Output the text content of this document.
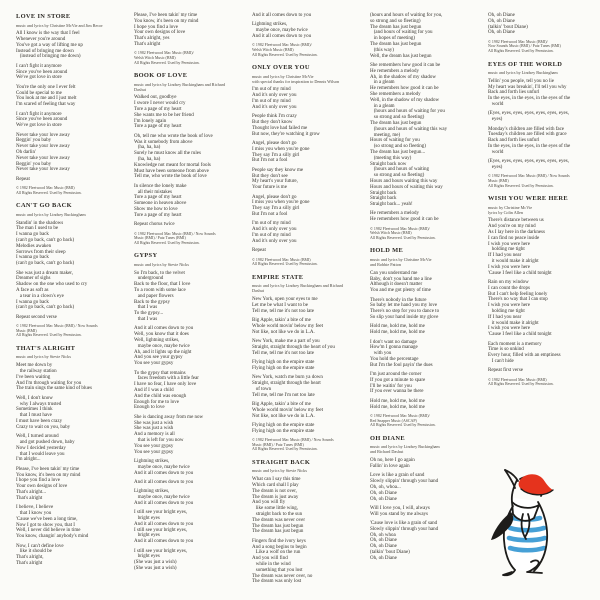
LOVE IN STORE
music and lyrics by Christine McVie and Jim Recor
All I know is the way that I feel
Whenever you're around
You've got a way of lifting me up
Instead of bringing me down
(instead of bringing me down)
I can't fight it anymore
Since you've been around
We've got love in store
You're the only one I ever felt
Could be special to me
You look at me and I just melt
I'm scared of feeling that way
I can't fight it anymore
Since you've been around
We've got love in store
Never take your love away
Beggin' you baby
Never take your love away
Oh darlin'
Never take your love away
Beggin' you baby
Never take your love away
Repeat
© 1982 Fleetwood Mac Music (BMI)
All Rights Reserved. Used by Permission.
CAN'T GO BACK
music and lyrics by Lindsey Buckingham
Standin' in the shadows
The man I used to be
I wanna go back
(can't go back, can't go back)
Melodies awaken
Sorrows from their sleep
I wanna go back
(can't go back, can't go back)
She was just a dream maker,
Dreamer of sighs
Shadow on the one who used to cry
A face as soft as
a tear in a clown's eye
I wanna go back
(can't go back, can't go back)
Repeat second verse
© 1982 Fleetwood Mac Music (BMI) / Now Sounds
Music (BMI)
All Rights Reserved. Used by Permission.
THAT'S ALRIGHT
music and lyrics by Stevie Nicks
Meet me down by
the railway station
I've been waiting
And I'm through waiting for you
The train sings the same kind of blues
Well, I don't know
why I always trusted
Sometimes I think
that I must have
I must have been crazy
Crazy to wait on you, baby
Well, I turned around
and got pushed down, baby
Now I decided yesterday
that I would leave you
I'm alright...
Please, I've been takin' my time
You know, it's been on my mind
I hope you find a love
Your own designs of love
That's alright...
That's alright
I believe, I believe
that I know you
'Cause we've been a long time,
Now I got to show you, that I
Well, I never did believe in time
You know, changin' anybody's mind
Now, I can't define love
like it should be
That's alright,
That's alright
Please, I've been takin' my time
You know, it's been on my mind
I hope you find a love
Your own designs of love
That's alright, yes
That's alright
© 1982 Fleetwood Mac Music (BMI)/
Welsh Witch Music (BMI)
All Rights Reserved. Used by Permission.
BOOK OF LOVE
music and lyrics by Lindsey Buckingham and Richard
Dashut
Walked out, goodbye
I swore I never would cry
Tore a page of my heart
She wants me to be her friend
I'm lonely again
Tore a page of my heart
Oh, tell me who wrote the book of love
Was it somebody from above
(ha, ha, ha)
Surely he must know all the rules
(ha, ha, ha)
Knowledge not meant for mortal fools
Must have been someone from above
Tell me, who wrote the book of love
In silence the lonely make
all their mistakes
Tore a page of my heart
Someone in heaven above
Show me how to love
Tore a page of my heart
Repeat chorus twice
© 1982 Fleetwood Mac Music (BMI) / Now Sounds
Music (BMI) / Putz Tunes (BMI)
All Rights Reserved. Used by Permission.
GYPSY
music and lyrics by Stevie Nicks
So I'm back, to the velvet
underground
Back to the floor, that I love
To a room with some lace
and paper flowers
Back to the gypsy
that I was
To the gypsy...
that I was
And it all comes down to you
Well, you know that it does
Well, lightning strikes,
maybe once, maybe twice
Ah, and it lights up the night
And you see your gypsy
You see your gypsy
To the gypsy that remains
faces freedom with a little fear
I have no fear, I have only love
And if I was a child
And the child was enough
Enough for me to love
Enough to love
She is dancing away from me now
She was just a wish
She was just a wish
And a memory is all
that is left for you now
You see your gypsy
You see your gypsy
Lightning strikes,
maybe once, maybe twice
And it all comes down to you
And it all comes down to you
Lightning strikes,
maybe once, maybe twice
And it all comes down to you
I still see your bright eyes,
bright eyes
And it all comes down to you
I still see your bright eyes,
bright eyes
And it all comes down to you
I still see your bright eyes,
bright eyes
(She was just a wish)
(She was just a wish)
And it all comes down to you
Lightning strikes,
maybe once, maybe twice
And it all comes down to you
© 1982 Fleetwood Mac Music (BMI)/
Welsh Witch Music (BMI)
All Rights Reserved. Used by Permission.
ONLY OVER YOU
music and lyrics by Christine McVie
with special thanks for inspiration to Dennis Wilson
I'm out of my mind
And it's only over you
I'm out of my mind
And it's only over you
People think I'm crazy
But they don't know
Thought love had failed me
But now, they're watching it grow
Angel, please don't go
I miss you when you're gone
They say I'm a silly girl
But I'm not a fool
People say they know me
But they don't see
My heart's your future,
Your future is me
Angel, please don't go
I miss you when you're gone
They say I'm a silly girl
But I'm not a fool
I'm out of my mind
And it's only over you
I'm out of my mind
And it's only over you
Repeat
© 1982 Fleetwood Mac Music (BMI)
All Rights Reserved. Used by Permission.
EMPIRE STATE
music and lyrics by Lindsey Buckingham and Richard
Dashut
New York, open your eyes to me
Let me be what I want to be
Tell me, tell me it's not too late
Big Apple, takin' a bite of me
Whole world movin' below my feet
Not like, not like we do in L.A.
New York, make me a part of you
Straight, straight through the heart of you
Tell me, tell me it's not too late
Flying high on the empire state
Flying high on the empire state
New York, watch me burn ya down
Straight, straight through the heart
of town
Tell me, tell me I'm not too late
Big Apple, takin' a bite of me
Whole world movin' below my feet
Not like, not like we do in L.A.
Flying high on the empire state
Flying high on the empire state
© 1982 Fleetwood Mac Music (BMI) / Now Sounds
Music (BMI) / Putz Tunes (BMI)
All Rights Reserved. Used by Permission.
STRAIGHT BACK
music and lyrics by Stevie Nicks
What can I say this time
Which card shall I play
The dream is not over,
The dream is just away
And you will fly
like some little wing,
straight back to the sun
The dream was never over
The dream has just begun
The dream has just begun
Fingers find the ivory keys
And a song begins to begin
Like a wolf on the run
And you will find
while in the wind
something that you lost
The dream was never over, no
The dream was only lost
(hours and hours of waiting for you,
so strong and so fleeting)
The dream has just begun
(and hours of waiting for you
in hopes of meeting)
The dream has just begun
(this way)
Well, the dream has just begun
She remembers how good it can be
He remembers a melody
Ah, in the shadow of my shadow
in a gleam
He remembers how good it can be
She remembers a melody
Well, in the shadow of my shadow
in a gleam
(hours and hours of waiting for you
so strong and so fleeting)
The dream has just begun
(hours and hours of waiting this way
meeting, me)
Hours of waiting for you
(so strong and so fleeting)
The dream has just begun...
(meeting this way)
Straight back now
(hours and hours of waiting
so strong and so fleeting)
Hours and hours waiting this way
Hours and hours of waiting this way
Straight back
Straight back
Straight back... yeah!
He remembers a melody
He remembers how good it can be
© 1982 Fleetwood Mac Music (BMI)/
Welsh Witch Music (BMI)
All Rights Reserved. Used by Permission.
HOLD ME
music and lyrics by Christine McVie
and Robbie Patton
Can you understand me
Baby, don't you hand me a line
Although it doesn't matter
You and me got plenty of time
There's nobody in the future
So baby let me hand you my love
There's no step for you to dance to
So slip your hand inside my glove
Hold me, hold me, hold me
Hold me, hold me, hold me
I don't want no damage
How'm I gonna manage
with you
You hold the percentage
But I'm the fool payin' the dues
I'm just around the corner
If you got a minute to spare
I'll be waitin' for you
If you ever wanna be there
Hold me, hold me, hold me
Hold me, hold me, hold me
© 1982 Fleetwood Mac Music (BMI)/
Red Snapper Music (ASCAP)
All Rights Reserved. Used by Permission.
OH DIANE
music and lyrics by Lindsey Buckingham
and Richard Dashut
Oh no, here I go again
Fallin' in love again
Love is like a grain of sand
Slowly slippin' through your hand
Oh, oh, whoa...
Oh, oh Diane
Oh, oh Diane
Will I love you, I will, always
Will you stand by me always
'Cause love is like a grain of sand
Slowly slippin' through your hand
Oh, oh whoa
Oh, oh Diane
Oh, oh Diane
(talkin' 'bout Diane)
Oh, oh Diane
Oh, oh Diane
Oh, oh Diane
(talkin' 'bout Diane)
Oh, oh Diane
© 1982 Fleetwood Mac Music (BMI)/
Now Sounds Music (BMI) / Putz Tunes (BMI)
All Rights Reserved. Used by Permission.
EYES OF THE WORLD
music and lyrics by Lindsey Buckingham
Tellin' you people, tell you no lie
My heart was breakin', I'll tell you why
Back and forth lies unfurl
In the eyes, in the eyes, in the eyes of the
world
(Eyes, eyes, eyes, eyes, eyes, eyes, eyes,
eyes)
Monday's children are filled with face
Tuesday's children are filled with grace
Back and forth lies unfurl
In the eyes, in the eyes, in the eyes of the
world
(Eyes, eyes, eyes, eyes, eyes, eyes, eyes,
eyes)
© 1982 Fleetwood Mac Music (BMI) / Now Sounds
Music (BMI)
All Rights Reserved. Used by Permission.
WISH YOU WERE HERE
music by Christine McVie
lyrics by Colin Allen
There's distance between us
And you're on my mind
As I lay here in the darkness
I can find no peace inside
I wish you were here
holding me tight
If I had you near
it would make it alright
I wish you were here
'Cause I feel like a child tonight
Rain on my window
I can count the drops
But I can't help feeling lonely
There's no way that I can stop
I wish you were here
holding me tight
If I had you near
it would make it alright
I wish you were here
'Cause I feel like a child tonight
Each moment is a memory
Time is so unkind
Every hour, filled with an emptiness
I can't hide
Repeat first verse
© 1982 Fleetwood Mac Music (BMI)
All Rights Reserved. Used by Permission.
